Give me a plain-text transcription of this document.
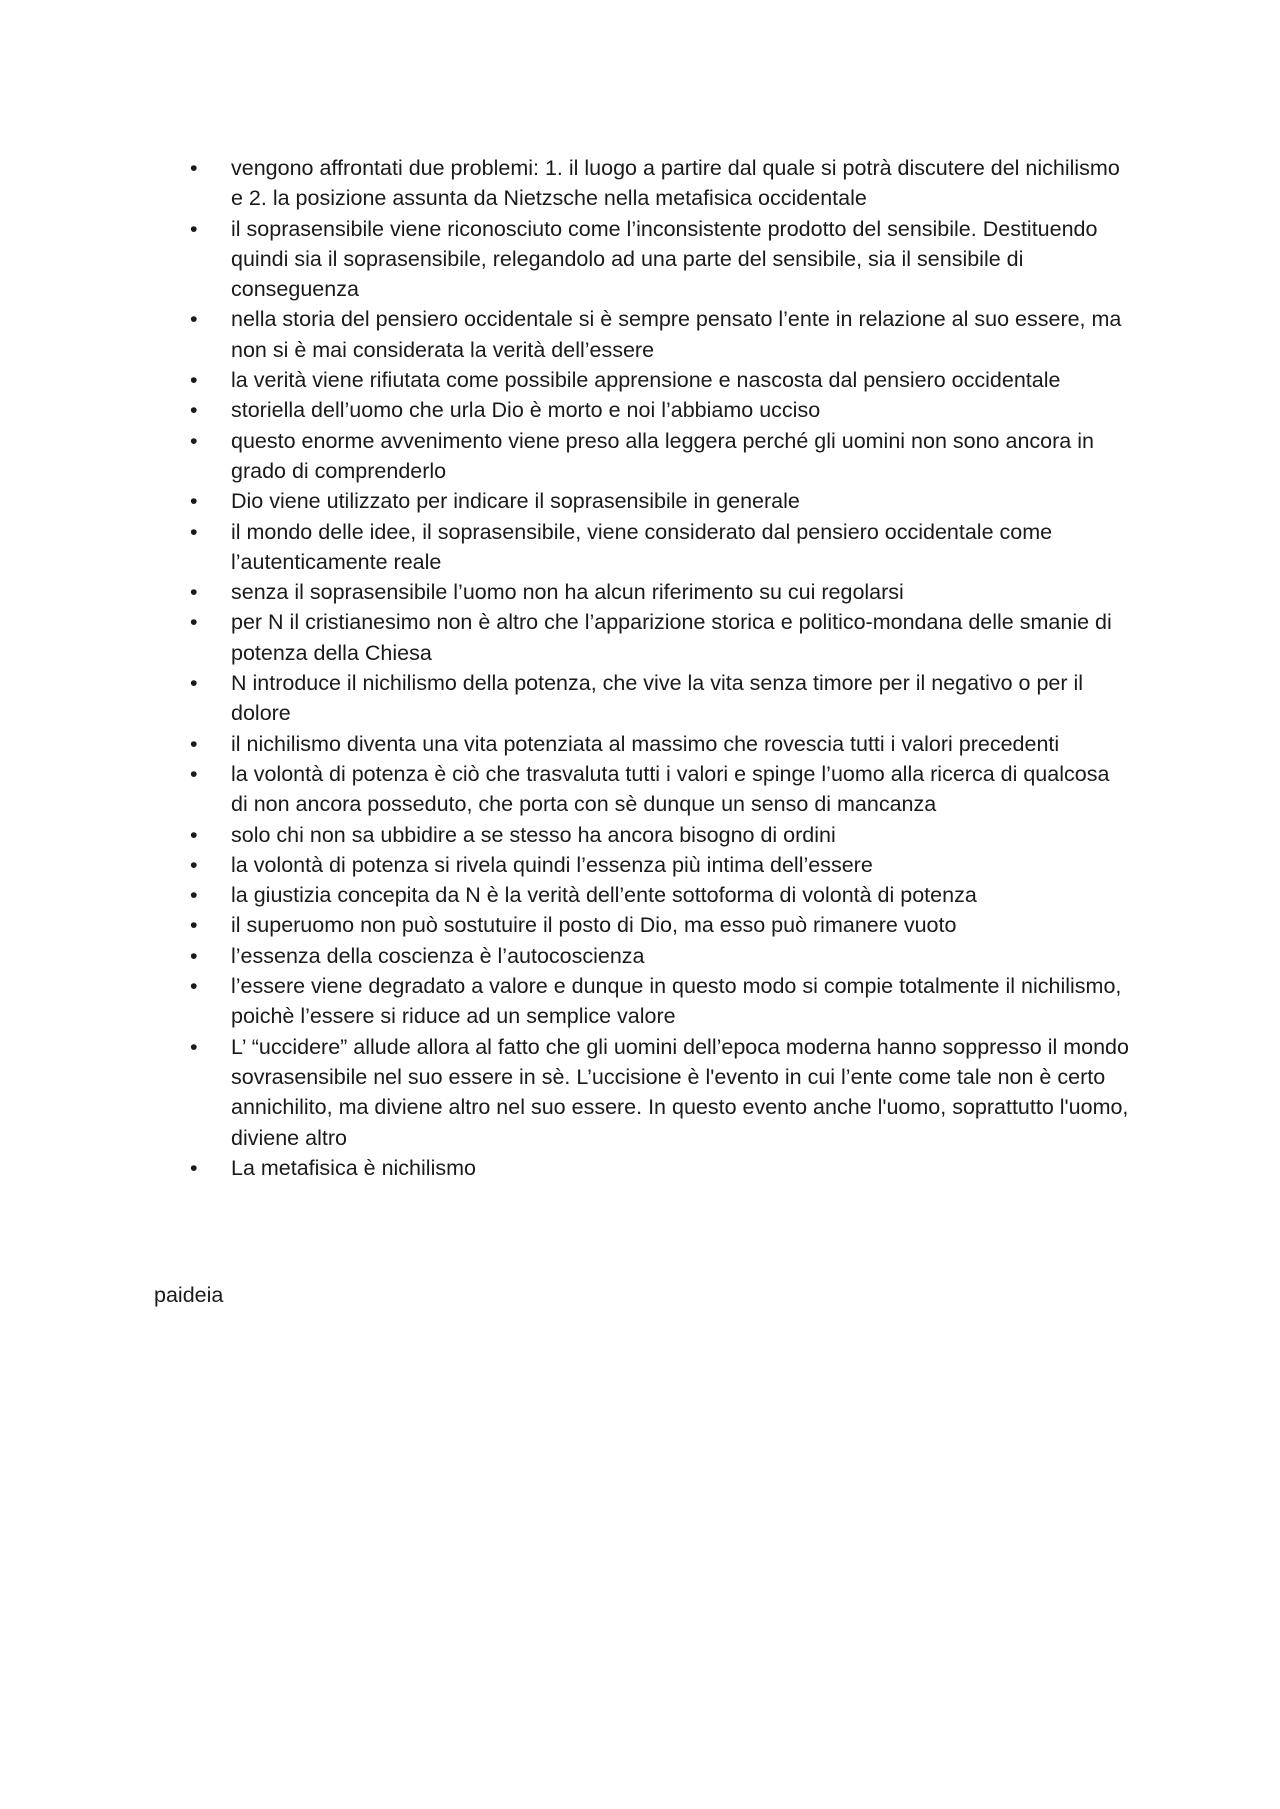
•	vengono affrontati due problemi: 1. il luogo a partire dal quale si potrà discutere del nichilismo e 2. la posizione assunta da Nietzsche nella metafisica occidentale
•	il soprasensibile viene riconosciuto come l’inconsistente prodotto del sensibile. Destituendo quindi sia il soprasensibile, relegandolo ad una parte del sensibile, sia il sensibile di conseguenza
•	nella storia del pensiero occidentale si è sempre pensato l’ente in relazione al suo essere, ma non si è mai considerata la verità dell’essere
•	la verità viene rifiutata come possibile apprensione e nascosta dal pensiero occidentale
•	storiella dell’uomo che urla Dio è morto e noi l’abbiamo ucciso
•	questo enorme avvenimento viene preso alla leggera perché gli uomini non sono ancora in grado di comprenderlo
•	Dio viene utilizzato per indicare il soprasensibile in generale
•	il mondo delle idee, il soprasensibile, viene considerato dal pensiero occidentale come l’autenticamente reale
•	senza il soprasensibile l’uomo non ha alcun riferimento su cui regolarsi
•	per N il cristianesimo non è altro che l’apparizione storica e politico-mondana delle smanie di potenza della Chiesa
•	N introduce il nichilismo della potenza, che vive la vita senza timore per il negativo o per il dolore
•	il nichilismo diventa una vita potenziata al massimo che rovescia tutti i valori precedenti
•	la volontà di potenza è ciò che trasvaluta tutti i valori e spinge l’uomo alla ricerca di qualcosa di non ancora posseduto, che porta con sè dunque un senso di mancanza
•	solo chi non sa ubbidire a se stesso ha ancora bisogno di ordini
•	la volontà di potenza si rivela quindi l’essenza più intima dell’essere
•	la giustizia concepita da N è la verità dell’ente sottoforma di volontà di potenza
•	il superuomo non può sostutuire il posto di Dio, ma esso può rimanere vuoto
•	l’essenza della coscienza è l’autocoscienza
•	l’essere viene degradato a valore e dunque in questo modo si compie totalmente il nichilismo, poichè l’essere si riduce ad un semplice valore
•	L’ “uccidere” allude allora al fatto che gli uomini dell’epoca moderna hanno soppresso il mondo sovrasensibile nel suo essere in sè. L’uccisione è l'evento in cui l’ente come tale non è certo annichilito, ma diviene altro nel suo essere. In questo evento anche l'uomo, soprattutto l'uomo, diviene altro
•	La metafisica è nichilismo
paideia
